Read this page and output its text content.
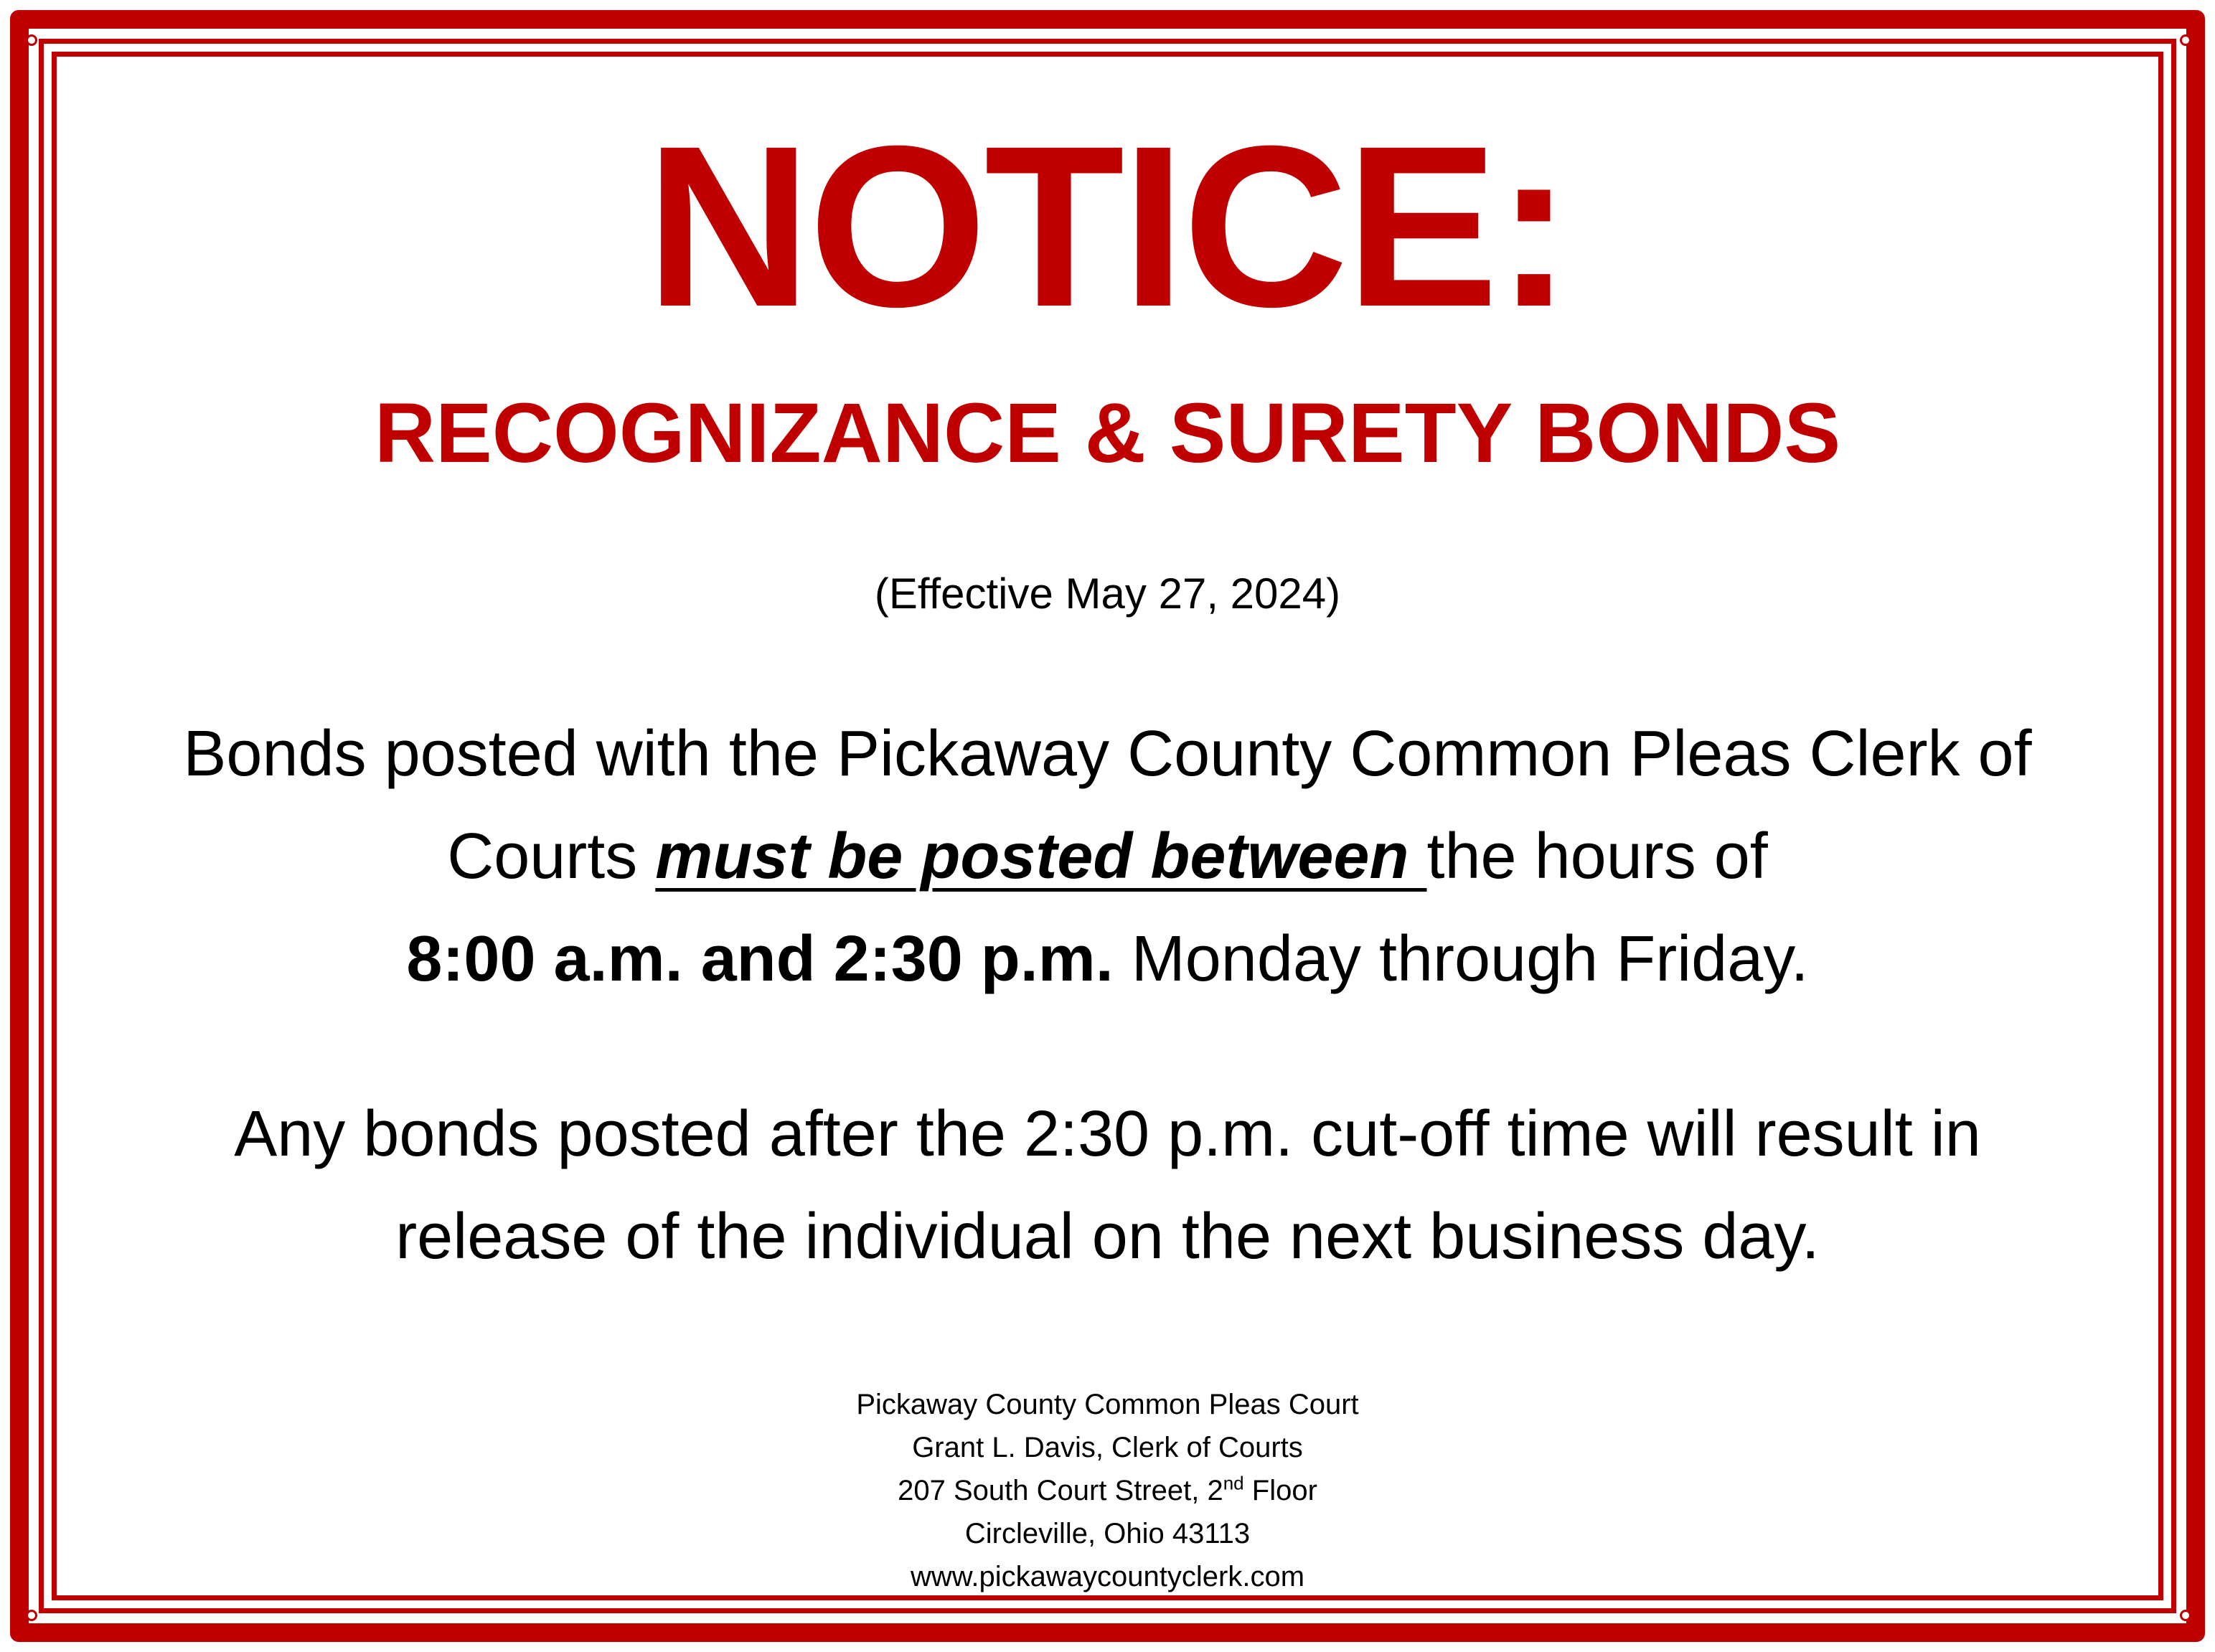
NOTICE:
RECOGNIZANCE & SURETY BONDS
(Effective May 27, 2024)
Bonds posted with the Pickaway County Common Pleas Clerk of
Courts must be posted between the hours of
8:00 a.m. and 2:30 p.m. Monday through Friday.
Any bonds posted after the 2:30 p.m. cut-off time will result in
release of the individual on the next business day.
Pickaway County Common Pleas Court
Grant L. Davis, Clerk of Courts
207 South Court Street, 2nd Floor
Circleville, Ohio 43113
www.pickawaycountyclerk.com
